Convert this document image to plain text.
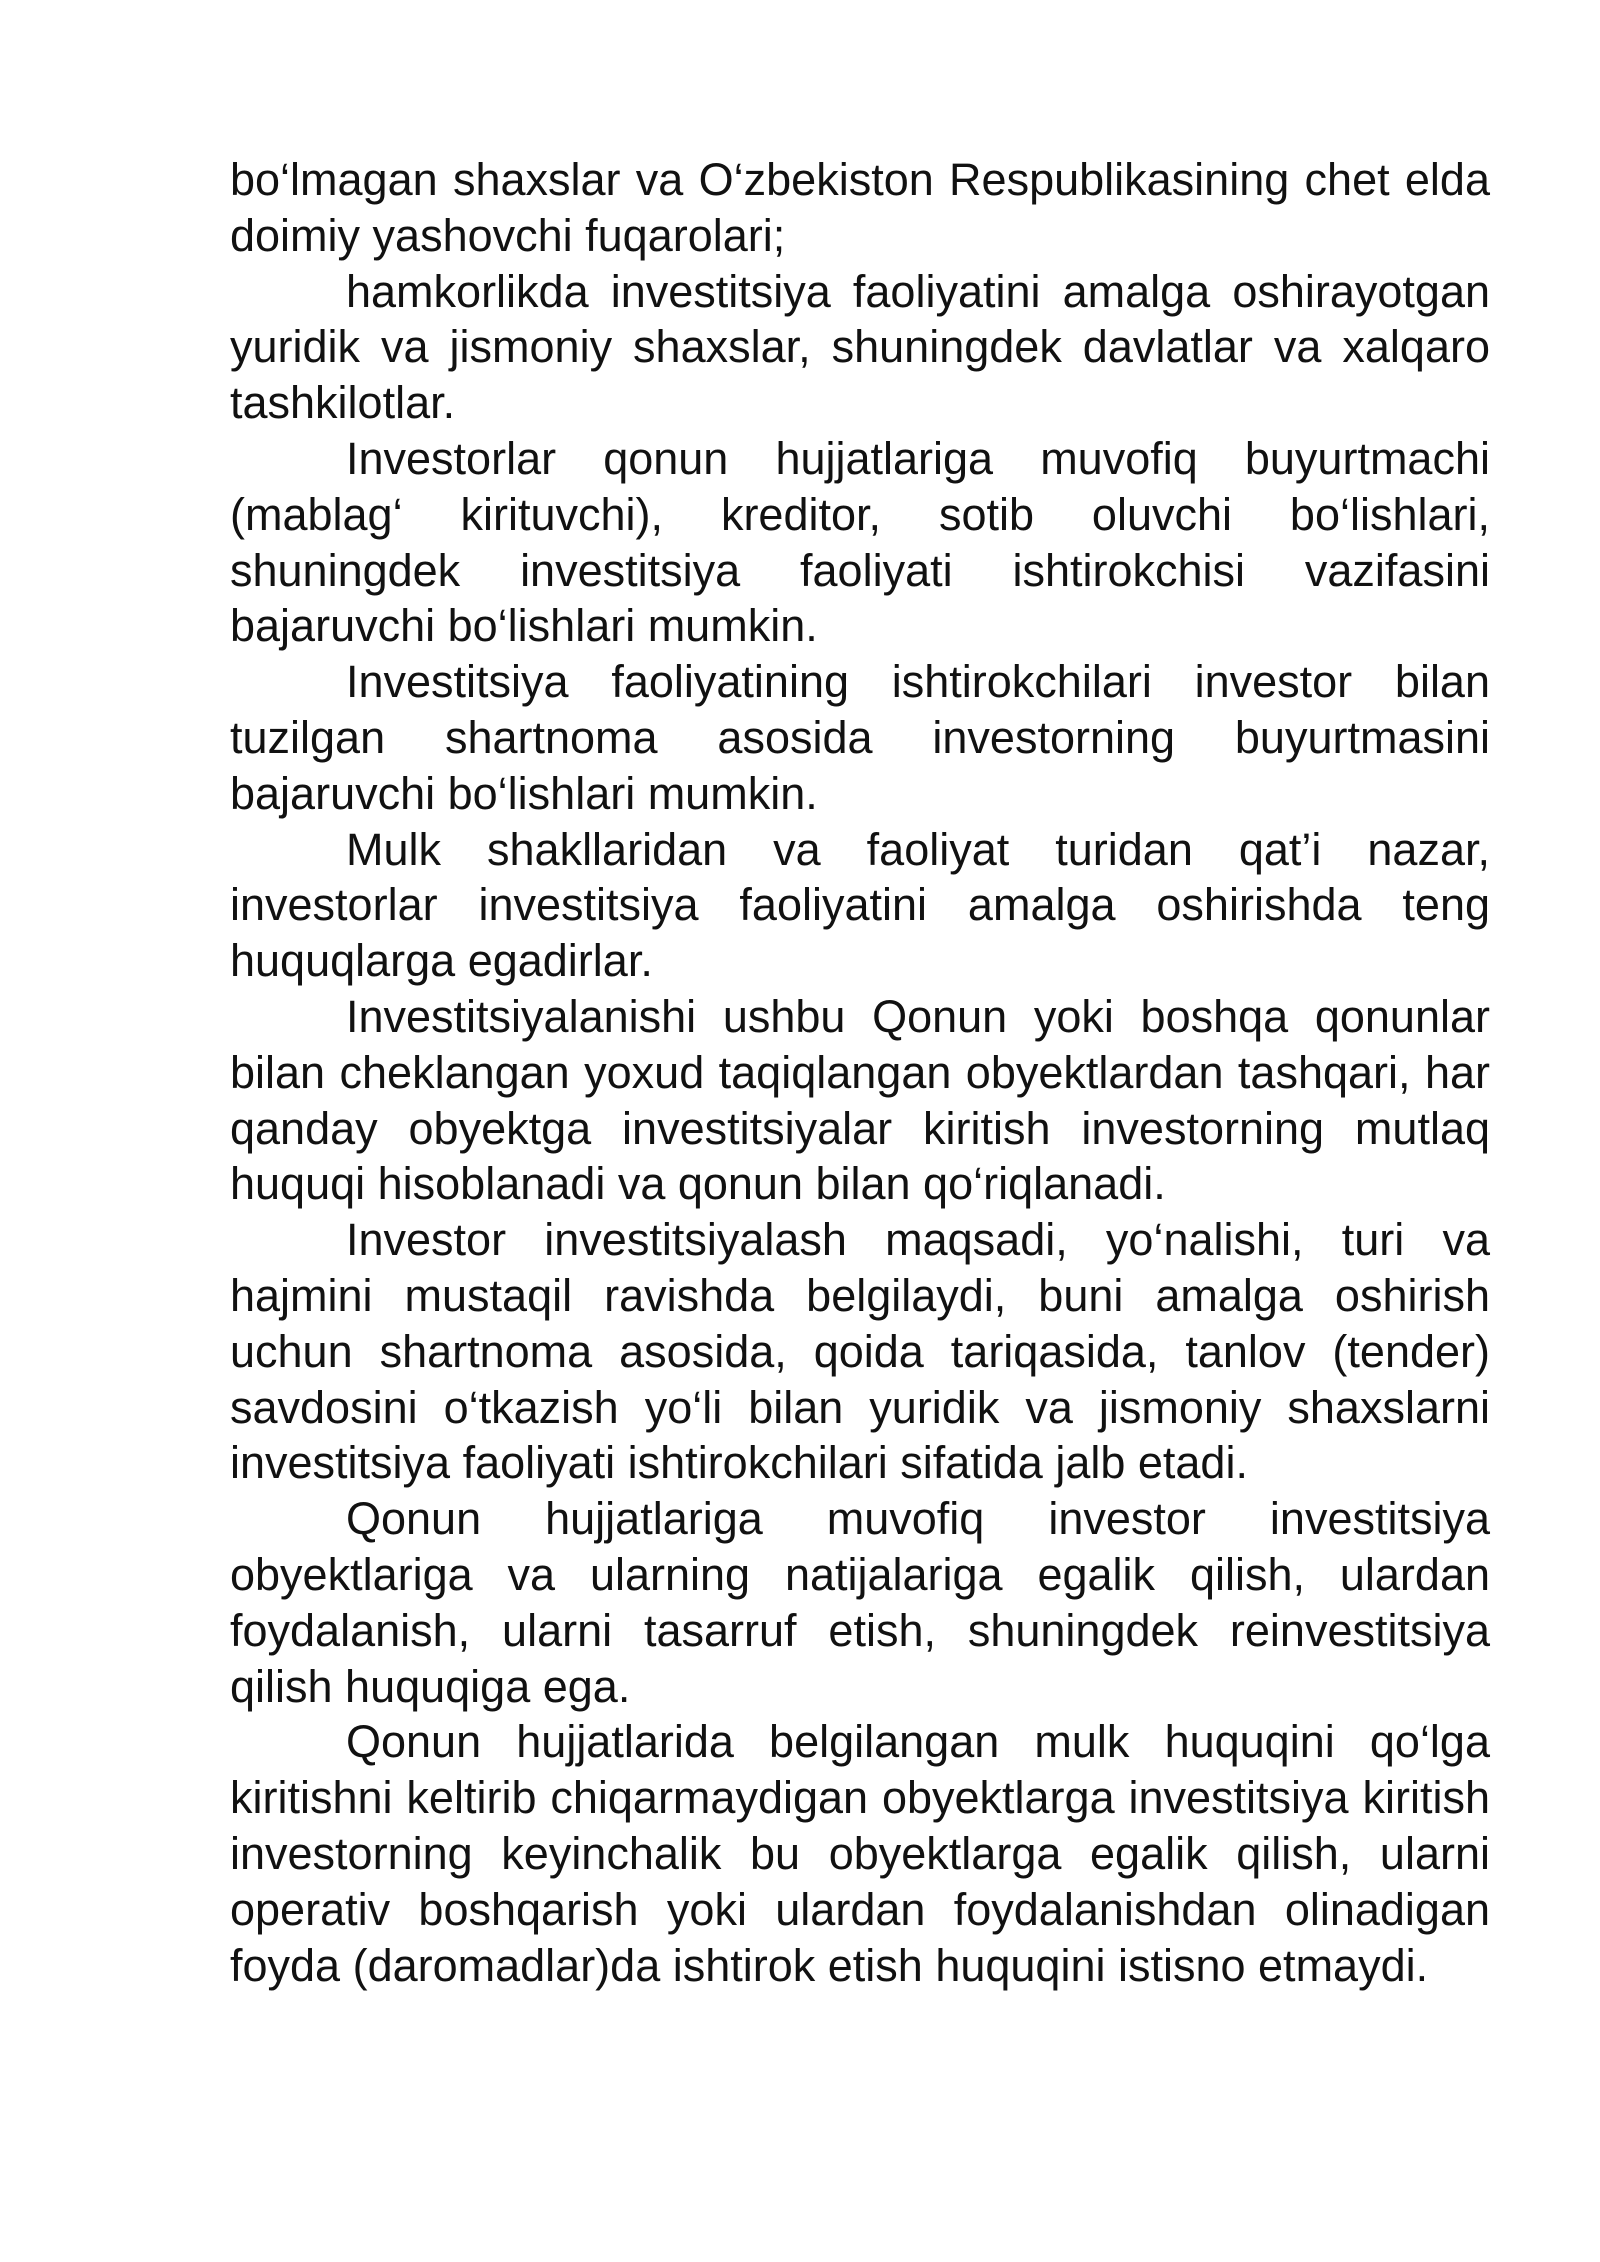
bo‘lmagan shaxslar va O‘zbekiston Respublikasining chet elda doimiy yashovchi fuqarolari;

hamkorlikda investitsiya faoliyatini amalga oshirayotgan yuridik va jismoniy shaxslar, shuningdek davlatlar va xalqaro tashkilotlar.

Investorlar qonun hujjatlariga muvofiq buyurtmachi (mablag‘ kirituvchi), kreditor, sotib oluvchi bo‘lishlari, shuningdek investitsiya faoliyati ishtirokchisi vazifasini bajaruvchi bo‘lishlari mumkin.

Investitsiya faoliyatining ishtirokchilari investor bilan tuzilgan shartnoma asosida investorning buyurtmasini bajaruvchi bo‘lishlari mumkin.

Mulk shakllaridan va faoliyat turidan qat’i nazar, investorlar investitsiya faoliyatini amalga oshirishda teng huquqlarga egadirlar.

Investitsiyalanishi ushbu Qonun yoki boshqa qonunlar bilan cheklangan yoxud taqiqlangan obyektlardan tashqari, har qanday obyektga investitsiyalar kiritish investorning mutlaq huquqi hisoblanadi va qonun bilan qo‘riqlanadi.

Investor investitsiyalash maqsadi, yo‘nalishi, turi va hajmini mustaqil ravishda belgilaydi, buni amalga oshirish uchun shartnoma asosida, qoida tariqasida, tanlov (tender) savdosini o‘tkazish yo‘li bilan yuridik va jismoniy shaxslarni investitsiya faoliyati ishtirokchilari sifatida jalb etadi.

Qonun hujjatlariga muvofiq investor investitsiya obyektlariga va ularning natijalariga egalik qilish, ulardan foydalanish, ularni tasarruf etish, shuningdek reinvestitsiya qilish huquqiga ega.

Qonun hujjatlarida belgilangan mulk huquqini qo‘lga kiritishni keltirib chiqarmaydigan obyektlarga investitsiya kiritish investorning keyinchalik bu obyektlarga egalik qilish, ularni operativ boshqarish yoki ulardan foydalanishdan olinadigan foyda (daromadlar)da ishtirok etish huquqini istisno etmaydi.
